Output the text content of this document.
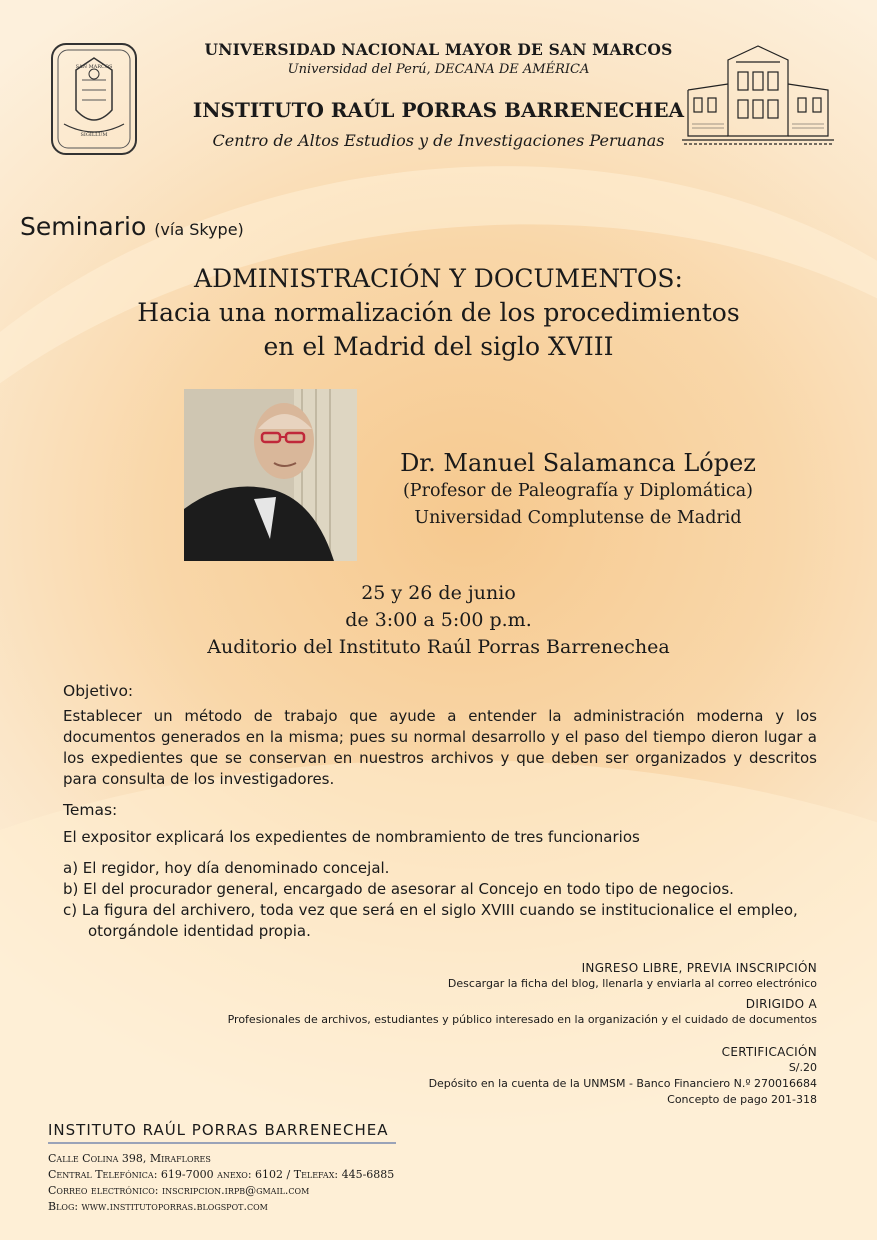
SAN MARCOS
SIGILLUM
UNIVERSIDAD NACIONAL MAYOR DE SAN MARCOS
Universidad del Perú, DECANA DE AMÉRICA
INSTITUTO RAÚL PORRAS BARRENECHEA
Centro de Altos Estudios y de Investigaciones Peruanas
Seminario (vía Skype)
ADMINISTRACIÓN Y DOCUMENTOS:
Hacia una normalización de los procedimientos
en el Madrid del siglo XVIII
Dr. Manuel Salamanca López
(Profesor de Paleografía y Diplomática)
Universidad Complutense de Madrid
25 y 26 de junio
de 3:00 a 5:00 p.m.
Auditorio del Instituto Raúl Porras Barrenechea
Objetivo:
Establecer un método de trabajo que ayude a entender la administración moderna y los documentos generados en la misma; pues su normal desarrollo y el paso del tiempo dieron lugar a los expedientes que se conservan en nuestros archivos y que deben ser organizados y descritos para consulta de los investigadores.
Temas:
El expositor explicará los expedientes de nombramiento de tres funcionarios
a) El regidor, hoy día denominado concejal.
b) El del procurador general, encargado de asesorar al Concejo en todo tipo de negocios.
c) La figura del archivero, toda vez que será en el siglo XVIII cuando se institucionalice el empleo,
otorgándole identidad propia.
INGRESO LIBRE, PREVIA INSCRIPCIÓN
Descargar la ficha del blog, llenarla y enviarla al correo electrónico
DIRIGIDO A
Profesionales de archivos, estudiantes y público interesado en la organización y el cuidado de documentos
CERTIFICACIÓN
S/.20
Depósito en la cuenta de la UNMSM - Banco Financiero N.º 270016684
Concepto de pago 201-318
INSTITUTO RAÚL PORRAS BARRENECHEA
Calle Colina 398, Miraflores
Central Telefónica: 619-7000 anexo: 6102 / Telefax: 445-6885
Correo electrónico: inscripcion.irpb@gmail.com
Blog: www.institutoporras.blogspot.com
